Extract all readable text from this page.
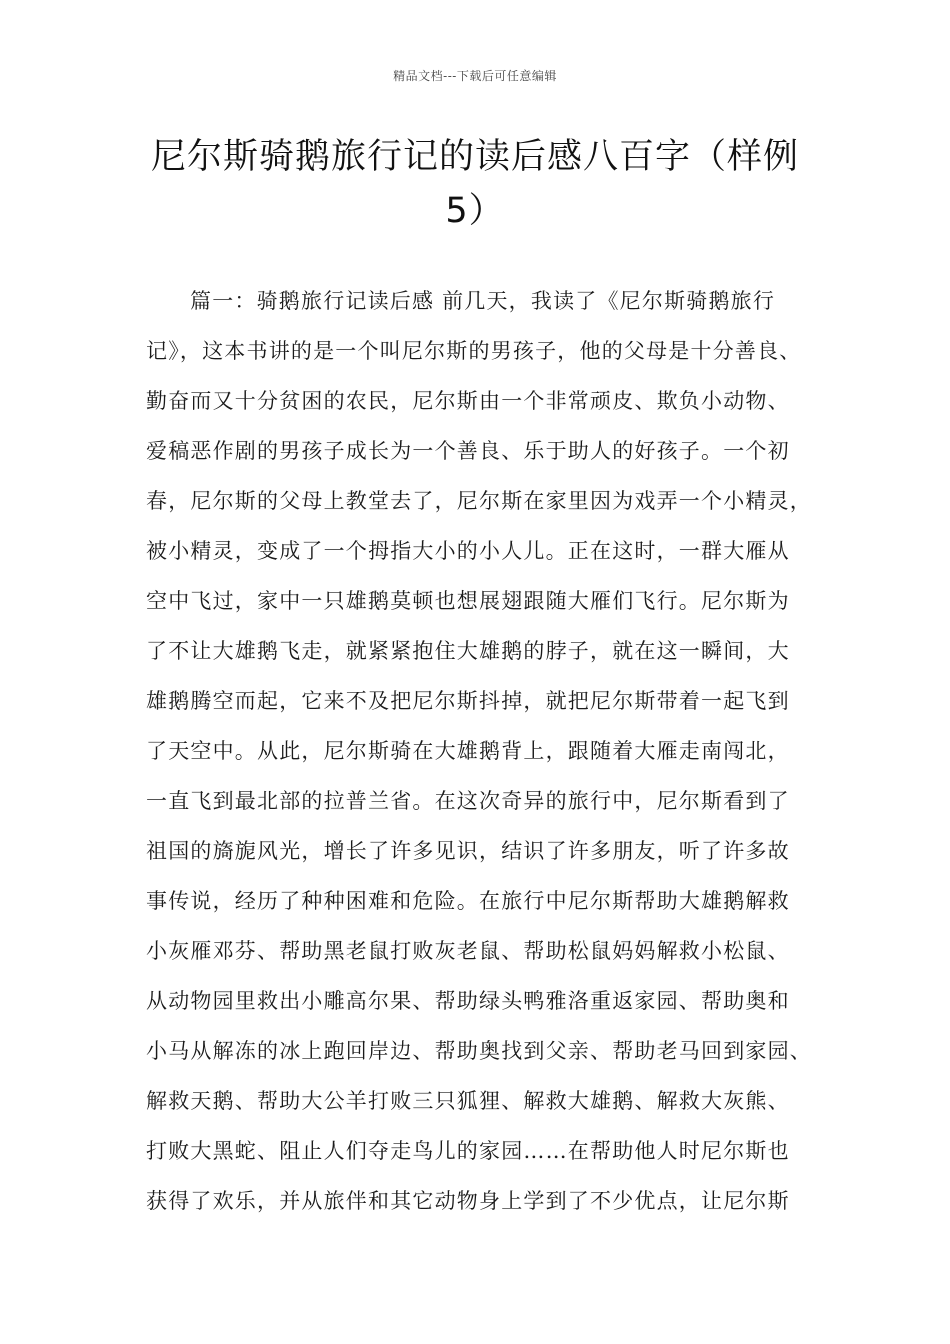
精品文档---下载后可任意编辑
尼尔斯骑鹅旅行记的读后感八百字（样例5）
篇一：骑鹅旅行记读后感 前几天，我读了《尼尔斯骑鹅旅行
记》，这本书讲的是一个叫尼尔斯的男孩子，他的父母是十分善良、
勤奋而又十分贫困的农民，尼尔斯由一个非常顽皮、欺负小动物、
爱稿恶作剧的男孩子成长为一个善良、乐于助人的好孩子。一个初
春，尼尔斯的父母上教堂去了，尼尔斯在家里因为戏弄一个小精灵，
被小精灵，变成了一个拇指大小的小人儿。正在这时，一群大雁从
空中飞过，家中一只雄鹅莫顿也想展翅跟随大雁们飞行。尼尔斯为
了不让大雄鹅飞走，就紧紧抱住大雄鹅的脖子，就在这一瞬间，大
雄鹅腾空而起，它来不及把尼尔斯抖掉，就把尼尔斯带着一起飞到
了天空中。从此，尼尔斯骑在大雄鹅背上，跟随着大雁走南闯北，
一直飞到最北部的拉普兰省。在这次奇异的旅行中，尼尔斯看到了
祖国的旖旎风光，增长了许多见识，结识了许多朋友，听了许多故
事传说，经历了种种困难和危险。在旅行中尼尔斯帮助大雄鹅解救
小灰雁邓芬、帮助黑老鼠打败灰老鼠、帮助松鼠妈妈解救小松鼠、
从动物园里救出小雕高尔果、帮助绿头鸭雅洛重返家园、帮助奥和
小马从解冻的冰上跑回岸边、帮助奥找到父亲、帮助老马回到家园、
解救天鹅、帮助大公羊打败三只狐狸、解救大雄鹅、解救大灰熊、
打败大黑蛇、阻止人们夺走鸟儿的家园……在帮助他人时尼尔斯也
获得了欢乐，并从旅伴和其它动物身上学到了不少优点，让尼尔斯
